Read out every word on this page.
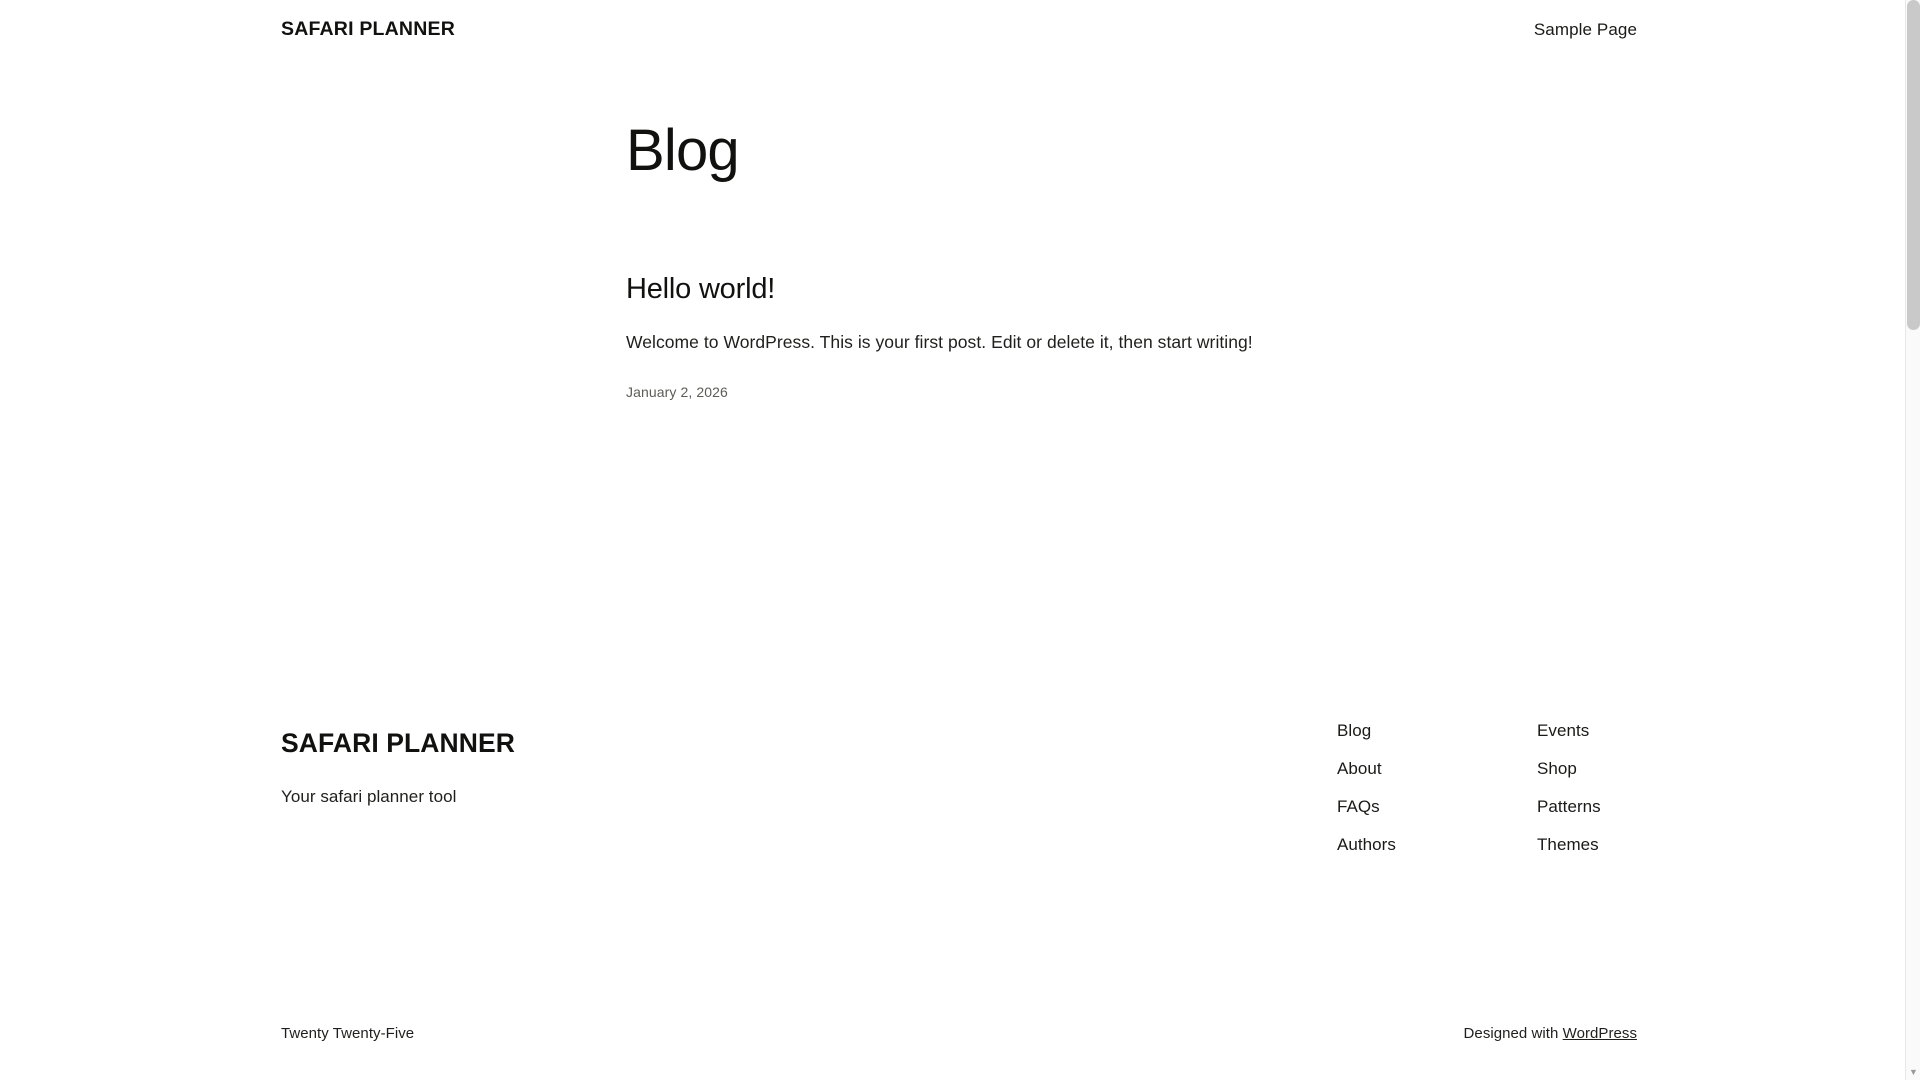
SAFARI PLANNER	Sample Page
Blog
Hello world!

Welcome to WordPress. This is your first post. Edit or delete it, then start writing!

January 2, 2026

SAFARI PLANNER

Your safari planner tool

Blog
About
FAQs
Authors
Events
Shop
Patterns
Themes
Twenty Twenty-Five	Designed with WordPress
▼
